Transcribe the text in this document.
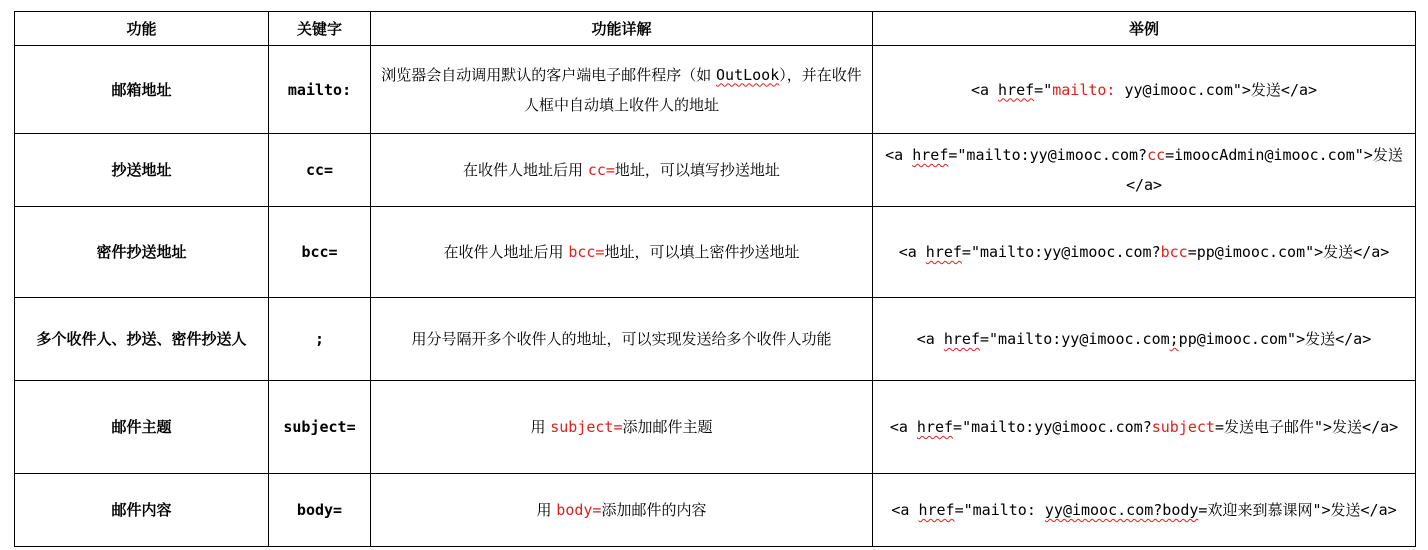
功能	关键字	功能详解	举例
邮箱地址	mailto:	浏览器会自动调用默认的客户端电子邮件程序（如 OutLook），并在收件人框中自动填上收件人的地址	<a href="mailto: yy@imooc.com">发送</a>
抄送地址	cc=	在收件人地址后用 cc=地址，可以填写抄送地址	<a href="mailto:yy@imooc.com?cc=imoocAdmin@imooc.com">发送</a>
密件抄送地址	bcc=	在收件人地址后用 bcc=地址，可以填上密件抄送地址	<a href="mailto:yy@imooc.com?bcc=pp@imooc.com">发送</a>
多个收件人、抄送、密件抄送人	;	用分号隔开多个收件人的地址，可以实现发送给多个收件人功能	<a href="mailto:yy@imooc.com;pp@imooc.com">发送</a>
邮件主题	subject=	用 subject=添加邮件主题	<a href="mailto:yy@imooc.com?subject=发送电子邮件">发送</a>
邮件内容	body=	用 body=添加邮件的内容	<a href="mailto: yy@imooc.com?body=欢迎来到慕课网">发送</a>
